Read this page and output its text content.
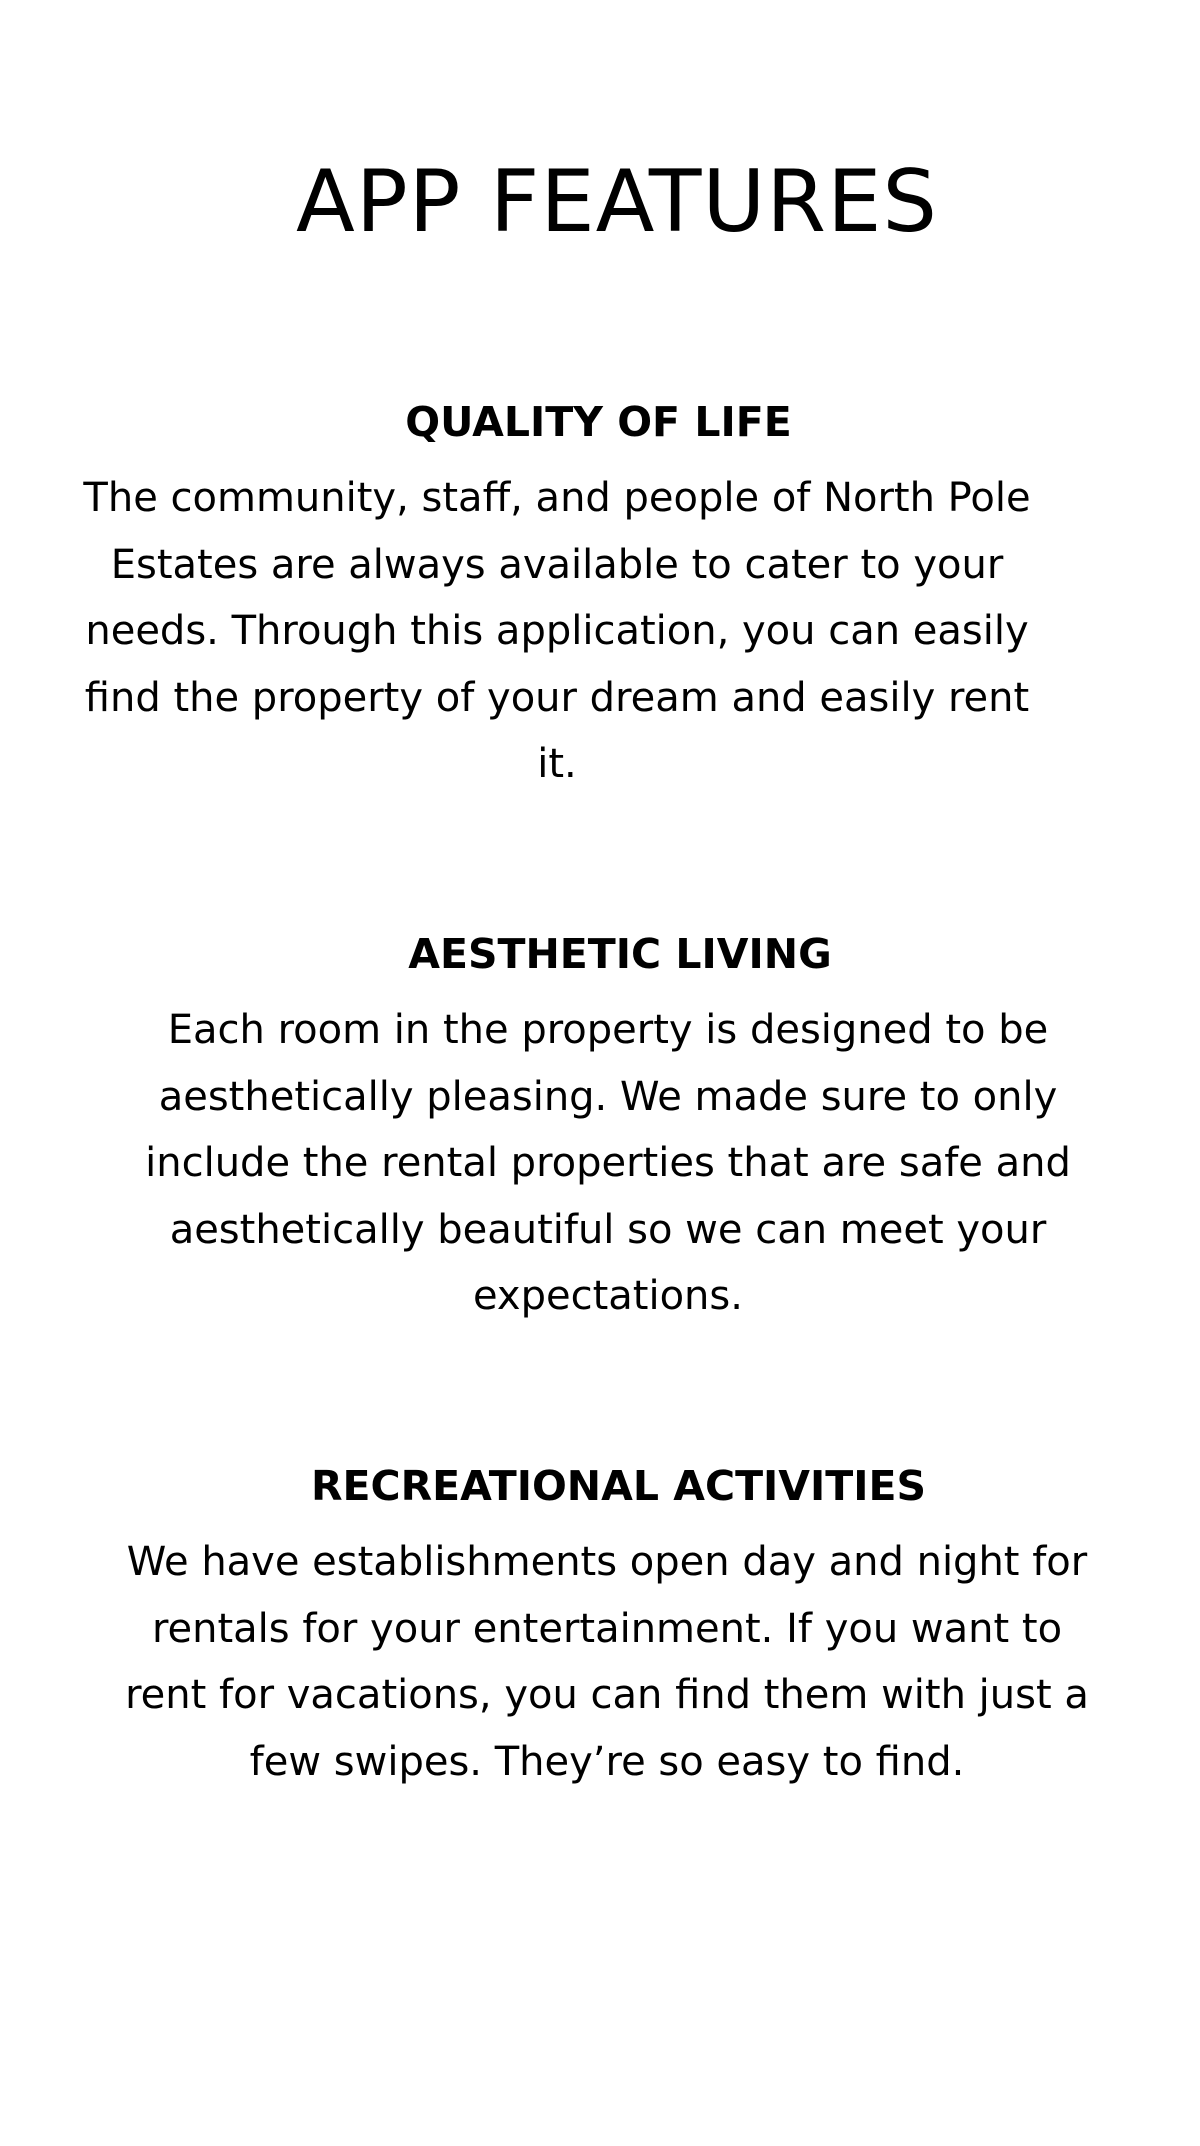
APP FEATURES
QUALITY OF LIFE

The community, staff, and people of North Pole Estates are always available to cater to your needs. Through this application, you can easily find the property of your dream and easily rent it.

AESTHETIC LIVING

Each room in the property is designed to be aesthetically pleasing. We made sure to only include the rental properties that are safe and aesthetically beautiful so we can meet your expectations.

RECREATIONAL ACTIVITIES

We have establishments open day and night for rentals for your entertainment. If you want to rent for vacations, you can find them with just a few swipes. They’re so easy to find.
